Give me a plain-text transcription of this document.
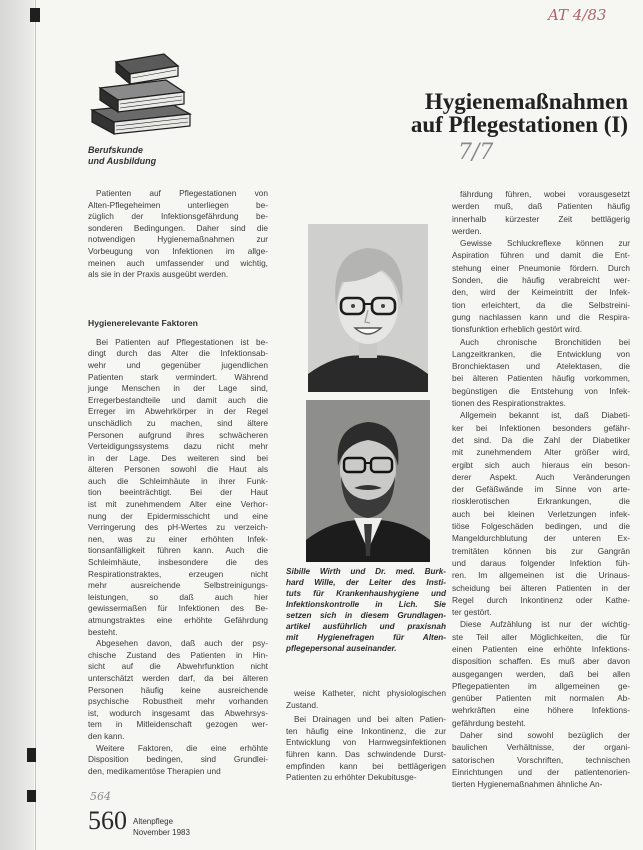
AT 4/83
Berufskunde
und Ausbildung
Hygienemaßnahmen
auf Pflegestationen (I)
7/7
Patienten auf Pflegestationen von
Alten-Pflegeheimen unterliegen be-
züglich der Infektionsgefährdung be-
sonderen Bedingungen. Daher sind die
notwendigen Hygienemaßnahmen zur
Vorbeugung von Infektionen im allge-
meinen auch umfassender und wichtig,
als sie in der Praxis ausgeübt werden.
Hygienerelevante Faktoren
Bei Patienten auf Pflegestationen ist be-
dingt durch das Alter die Infektionsab-
wehr und gegenüber jugendlichen
Patienten stark vermindert. Während
junge Menschen in der Lage sind,
Erregerbestandteile und damit auch die
Erreger im Abwehrkörper in der Regel
unschädlich zu machen, sind ältere
Personen aufgrund ihres schwächeren
Verteidigungssystems dazu nicht mehr
in der Lage. Des weiteren sind bei
älteren Personen sowohl die Haut als
auch die Schleimhäute in ihrer Funk-
tion beeinträchtigt. Bei der Haut
ist mit zunehmendem Alter eine Verhor-
nung der Epidermisschicht und eine
Verringerung des pH-Wertes zu verzeich-
nen, was zu einer erhöhten Infek-
tionsanfälligkeit führen kann. Auch die
Schleimhäute, insbesondere die des
Respirationstraktes, erzeugen nicht
mehr ausreichende Selbstreinigungs-
leistungen, so daß auch hier
gewissermaßen für Infektionen des Be-
atmungstraktes eine erhöhte Gefährdung
besteht.
Abgesehen davon, daß auch der psy-
chische Zustand des Patienten in Hin-
sicht auf die Abwehrfunktion nicht
unterschätzt werden darf, da bei älteren
Personen häufig keine ausreichende
psychische Robustheit mehr vorhanden
ist, wodurch insgesamt das Abwehrsys-
tem in Mitleidenschaft gezogen wer-
den kann.
Weitere Faktoren, die eine erhöhte
Disposition bedingen, sind Grundlei-
den, medikamentöse Therapien und
Sibille Wirth und Dr. med. Burk-
hard Wille, der Leiter des Insti-
tuts für Krankenhaushygiene und
Infektionskontrolle in Lich. Sie
setzen sich in diesem Grundlagen-
artikel ausführlich und praxisnah
mit Hygienefragen für Alten-
pflegepersonal auseinander.
weise Katheter, nicht physiologischen
Zustand.
Bei Drainagen und bei alten Patien-
ten häufig eine Inkontinenz, die zur
Entwicklung von Harnwegsinfektionen
führen kann. Das schwindende Durst-
empfinden kann bei bettlägerigen
Patienten zu erhöhter Dekubitusge-
fährdung führen, wobei vorausgesetzt
werden muß, daß Patienten häufig
innerhalb kürzester Zeit bettlägerig
werden.
Gewisse Schluckreflexe können zur
Aspiration führen und damit die Ent-
stehung einer Pneumonie fördern. Durch
Sonden, die häufig verabreicht wer-
den, wird der Keimeintritt der Infek-
tion erleichtert, da die Selbstreini-
gung nachlassen kann und die Respira-
tionsfunktion erheblich gestört wird.
Auch chronische Bronchitiden bei
Langzeitkranken, die Entwicklung von
Bronchiektasen und Atelektasen, die
bei älteren Patienten häufig vorkommen,
begünstigen die Entstehung von Infek-
tionen des Respirationstraktes.
Allgemein bekannt ist, daß Diabeti-
ker bei Infektionen besonders gefähr-
det sind. Da die Zahl der Diabetiker
mit zunehmendem Alter größer wird,
ergibt sich auch hieraus ein beson-
derer Aspekt. Auch Veränderungen
der Gefäßwände im Sinne von arte-
riosklerotischen Erkrankungen, die
auch bei kleinen Verletzungen infek-
tiöse Folgeschäden bedingen, und die
Mangeldurchblutung der unteren Ex-
tremitäten können bis zur Gangrän
und daraus folgender Infektion füh-
ren. Im allgemeinen ist die Urinaus-
scheidung bei älteren Patienten in der
Regel durch Inkontinenz oder Kathe-
ter gestört.
Diese Aufzählung ist nur der wichtig-
ste Teil aller Möglichkeiten, die für
einen Patienten eine erhöhte Infektions-
disposition schaffen. Es muß aber davon
ausgegangen werden, daß bei allen
Pflegepatienten im allgemeinen ge-
genüber Patienten mit normalen Ab-
wehrkräften eine höhere Infektions-
gefährdung besteht.
Daher sind sowohl bezüglich der
baulichen Verhältnisse, der organi-
satorischen Vorschriften, technischen
Einrichtungen und der patientenorien-
tierten Hygienemaßnahmen ähnliche An-
564
560 Altenpflege
November 1983
